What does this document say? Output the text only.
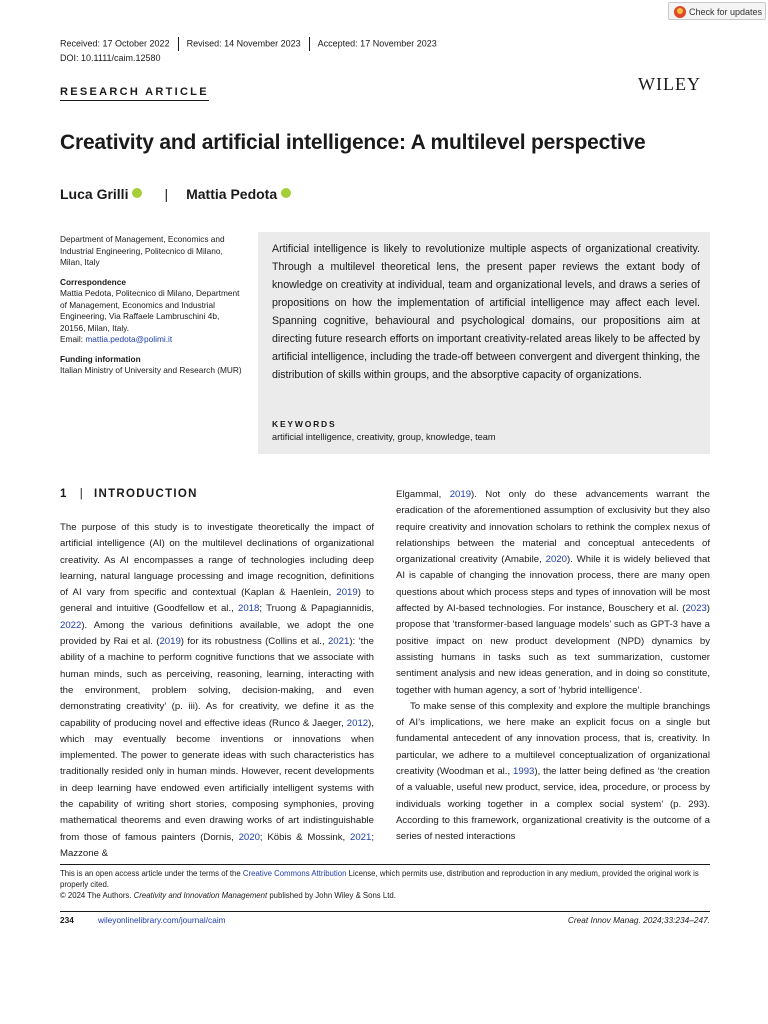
Check for updates
Received: 17 October 2022 Revised: 14 November 2023 Accepted: 17 November 2023
DOI: 10.1111/caim.12580
WILEY
RESEARCH ARTICLE
Creativity and artificial intelligence: A multilevel perspective
Luca Grilli	| Mattia Pedota
Department of Management, Economics and Industrial Engineering, Politecnico di Milano, Milan, Italy
Correspondence
Mattia Pedota, Politecnico di Milano, Department of Management, Economics and Industrial Engineering, Via Raffaele Lambruschini 4b, 20156, Milan, Italy.
Email: mattia.pedota@polimi.it
Funding information
Italian Ministry of University and Research (MUR)
Artificial intelligence is likely to revolutionize multiple aspects of organizational creativity. Through a multilevel theoretical lens, the present paper reviews the extant body of knowledge on creativity at individual, team and organizational levels, and draws a series of propositions on how the implementation of artificial intelligence may affect each level. Spanning cognitive, behavioural and psychological domains, our propositions aim at directing future research efforts on important creativity-related areas likely to be affected by artificial intelligence, including the trade-off between convergent and divergent thinking, the distribution of skills within groups, and the absorptive capacity of organizations.
KEYWORDS
artificial intelligence, creativity, group, knowledge, team
1 | INTRODUCTION

The purpose of this study is to investigate theoretically the impact of artificial intelligence (AI) on the multilevel declinations of organizational creativity. As AI encompasses a range of technologies including deep learning, natural language processing and image recognition, definitions of AI vary from specific and contextual (Kaplan & Haenlein, 2019) to general and intuitive (Goodfellow et al., 2018; Truong & Papagiannidis, 2022). Among the various definitions available, we adopt the one provided by Rai et al. (2019) for its robustness (Collins et al., 2021): ‘the ability of a machine to perform cognitive functions that we associate with human minds, such as perceiving, reasoning, learning, interacting with the environment, problem solving, decision-making, and even demonstrating creativity’ (p. iii). As for creativity, we define it as the capability of producing novel and effective ideas (Runco & Jaeger, 2012), which may eventually become inventions or innovations when implemented. The power to generate ideas with such characteristics has traditionally resided only in human minds. However, recent developments in deep learning have endowed even artificially intelligent systems with the capability of writing short stories, composing symphonies, proving mathematical theorems and even drawing works of art indistinguishable from those of famous painters (Dornis, 2020; Köbis & Mossink, 2021; Mazzone &

Elgammal, 2019). Not only do these advancements warrant the eradication of the aforementioned assumption of exclusivity but they also require creativity and innovation scholars to rethink the complex nexus of relationships between the material and conceptual antecedents of organizational creativity (Amabile, 2020). While it is widely believed that AI is capable of changing the innovation process, there are many open questions about which process steps and types of innovation will be most affected by AI-based technologies. For instance, Bouschery et al. (2023) propose that ‘transformer-based language models’ such as GPT-3 have a positive impact on new product development (NPD) dynamics by assisting humans in tasks such as text summarization, customer sentiment analysis and new ideas generation, and in doing so constitute, together with human agency, a sort of ‘hybrid intelligence’.

To make sense of this complexity and explore the multiple branchings of AI’s implications, we here make an explicit focus on a single but fundamental antecedent of any innovation process, that is, creativity. In particular, we adhere to a multilevel conceptualization of organizational creativity (Woodman et al., 1993), the latter being defined as ‘the creation of a valuable, useful new product, service, idea, procedure, or process by individuals working together in a complex social system’ (p. 293). According to this framework, organizational creativity is the outcome of a series of nested interactions

This is an open access article under the terms of the Creative Commons Attribution License, which permits use, distribution and reproduction in any medium, provided the original work is properly cited.
© 2024 The Authors. Creativity and Innovation Management published by John Wiley & Sons Ltd.
234	wileyonlinelibrary.com/journal/caim	Creat Innov Manag. 2024;33:234–247.
